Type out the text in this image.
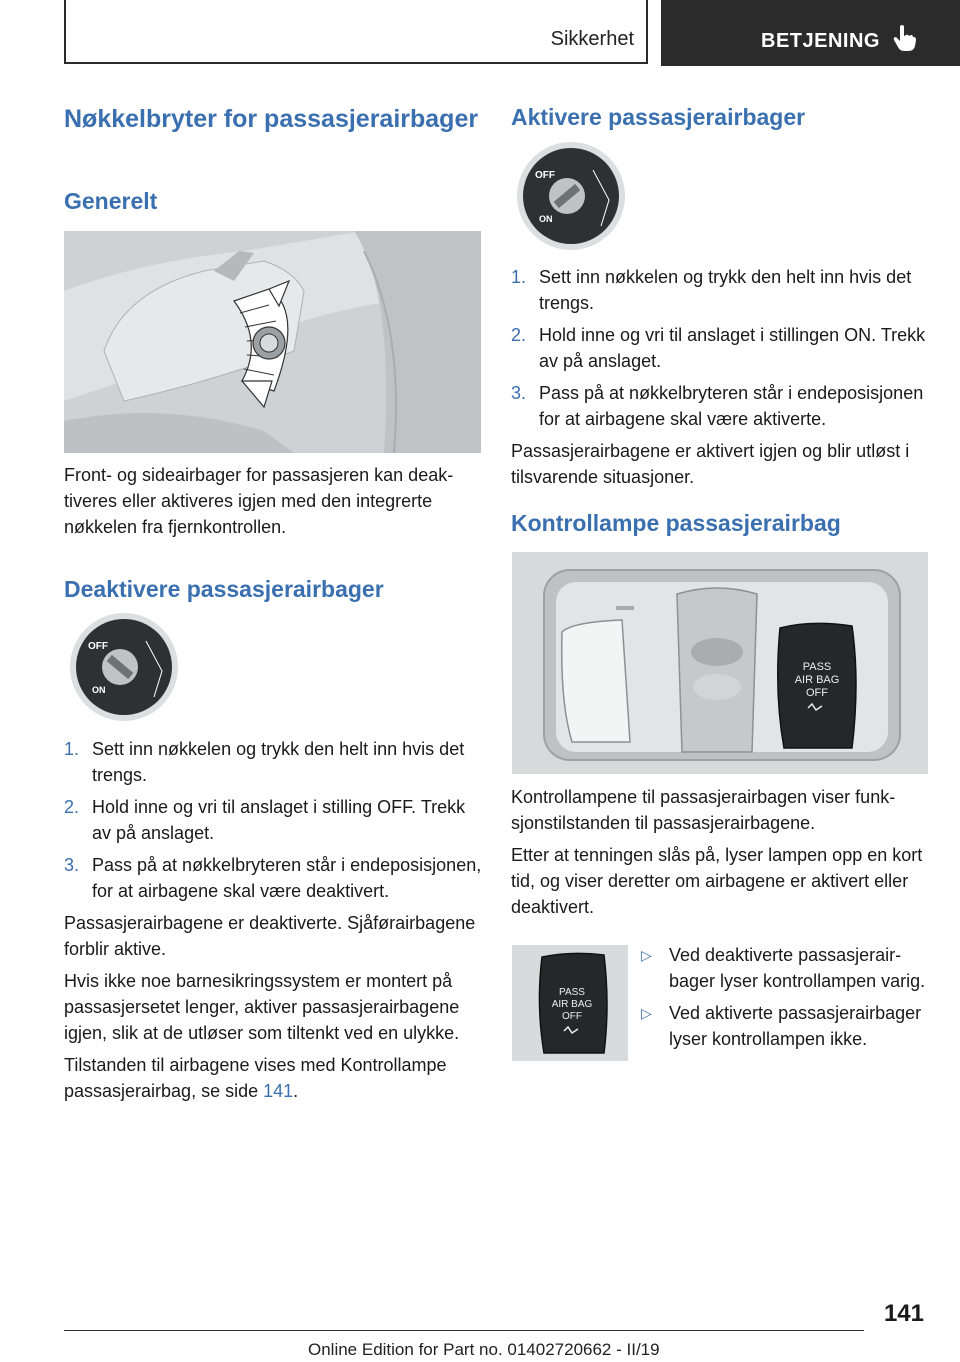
Sikkerhet	BETJENING
Nøkkelbryter for passasjerairbager
Generelt

Front- og sideairbager for passasjeren kan deaktiveres eller aktiveres igjen med den integrerte nøkkelen fra fjernkontrollen.

Deaktivere passasjerairbager
OFF
ON
1. Sett inn nøkkelen og trykk den helt inn hvis det trengs.
2. Hold inne og vri til anslaget i stilling OFF. Trekk av på anslaget.
3. Pass på at nøkkelbryteren står i endeposisjonen, for at airbagene skal være deaktivert.

Passasjerairbagene er deaktiverte. Sjåførairbagene forblir aktive.

Hvis ikke noe barnesikringssystem er montert på passasjersetet lenger, aktiver passasjerairbagene igjen, slik at de utløser som tiltenkt ved en ulykke.

Tilstanden til airbagene vises med Kontrollampe passasjerairbag, se side 141.

Aktivere passasjerairbager
OFF
ON
1. Sett inn nøkkelen og trykk den helt inn hvis det trengs.
2. Hold inne og vri til anslaget i stillingen ON. Trekk av på anslaget.
3. Pass på at nøkkelbryteren står i endeposisjonen for at airbagene skal være aktiverte.

Passasjerairbagene er aktivert igjen og blir utløst i tilsvarende situasjoner.

Kontrollampe passasjerairbag
PASS
AIR BAG
OFF

Kontrollampene til passasjerairbagen viser funksjonstilstanden til passasjerairbagene.

Etter at tenningen slås på, lyser lampen opp en kort tid, og viser deretter om airbagene er aktivert eller deaktivert.

PASS
AIR BAG
OFF
▷ Ved deaktiverte passasjerairbager lyser kontrollampen varig.
▷ Ved aktiverte passasjerairbager lyser kontrollampen ikke.
141
Online Edition for Part no. 01402720662 - II/19
